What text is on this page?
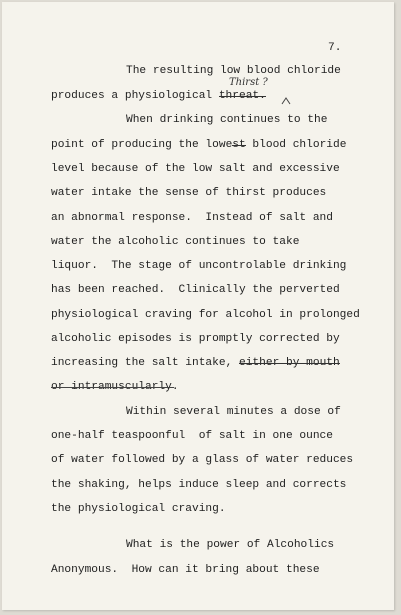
7.
The resulting low blood chloride
produces a physiological threat.
Thirst ?
When drinking continues to the
point of producing the lowest blood chloride
level because of the low salt and excessive
water intake the sense of thirst produces
an abnormal response.  Instead of salt and
water the alcoholic continues to take
liquor.  The stage of uncontrolable drinking
has been reached.  Clinically the perverted
physiological craving for alcohol in prolonged
alcoholic episodes is promptly corrected by
increasing the salt intake, either by mouth
or intramuscularly.
Within several minutes a dose of
one-half teaspoonful  of salt in one ounce
of water followed by a glass of water reduces
the shaking, helps induce sleep and corrects
the physiological craving.
What is the power of Alcoholics
Anonymous.  How can it bring about these
